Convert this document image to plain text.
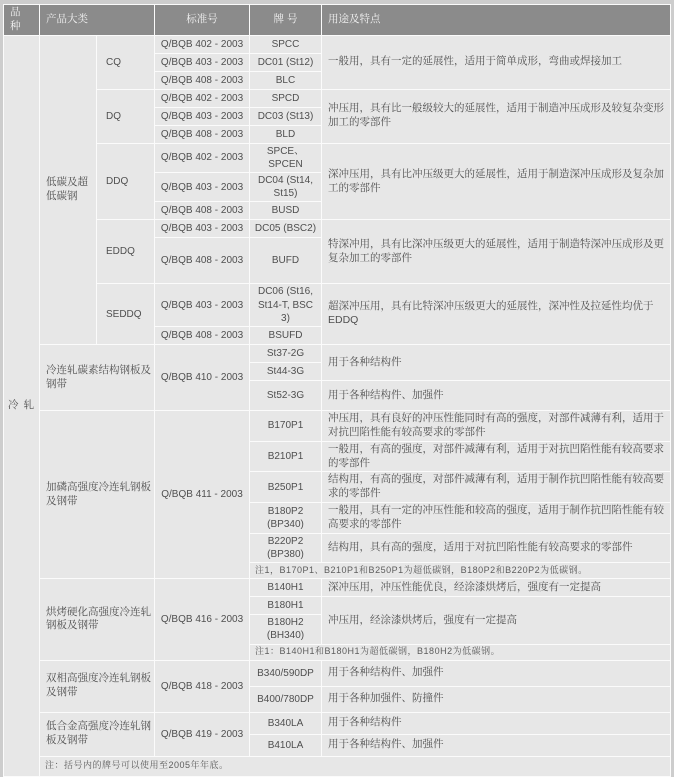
品 种	产品大类		标准号	牌 号	用途及特点
冷 轧	低碳及超低碳钢	CQ	Q/BQB 402 - 2003	SPCC	一般用，具有一定的延展性，适用于简单成形，弯曲或焊接加工
			Q/BQB 403 - 2003	DC01 (St12)	
			Q/BQB 408 - 2003	BLC	
		DQ	Q/BQB 402 - 2003	SPCD	冲压用，具有比一般级较大的延展性，适用于制造冲压成形及较复杂变形加工的零部件
			Q/BQB 403 - 2003	DC03 (St13)	
			Q/BQB 408 - 2003	BLD	
		DDQ	Q/BQB 402 - 2003	SPCE、SPCEN	深冲压用，具有比冲压级更大的延展性，适用于制造深冲压成形及复杂加工的零部件
			Q/BQB 403 - 2003	DC04 (St14, St15)	
			Q/BQB 408 - 2003	BUSD	
		EDDQ	Q/BQB 403 - 2003	DC05 (BSC2)	特深冲用，具有比深冲压级更大的延展性，适用于制造特深冲压成形及更复杂加工的零部件
			Q/BQB 408 - 2003	BUFD	
		SEDDQ	Q/BQB 403 - 2003	DC06 (St16, St14-T, BSC 3)	超深冲压用，具有比特深冲压级更大的延展性，深冲性及拉延性均优于EDDQ
			Q/BQB 408 - 2003	BSUFD	
	冷连轧碳素结构钢板及钢带		Q/BQB 410 - 2003	St37-2G	用于各种结构件
				St44-3G	
				St52-3G	用于各种结构件、加强件
	加磷高强度冷连轧钢板及钢带		Q/BQB 411 - 2003	B170P1	冲压用，具有良好的冲压性能同时有高的强度，对部件减薄有利，适用于对抗凹陷性能有较高要求的零部件
				B210P1	一般用，有高的强度，对部件减薄有利，适用于对抗凹陷性能有较高要求的零部件
				B250P1	结构用，有高的强度，对部件减薄有利，适用于制作抗凹陷性能有较高要求的零部件
				B180P2 (BP340)	一般用，具有一定的冲压性能和较高的强度，适用于制作抗凹陷性能有较高要求的零部件
				B220P2 (BP380)	结构用，具有高的强度，适用于对抗凹陷性能有较高要求的零部件
				注1，B170P1、B210P1和B250P1为超低碳钢，B180P2和B220P2为低碳钢。	
	烘烤硬化高强度冷连轧钢板及钢带		Q/BQB 416 - 2003	B140H1	深冲压用，冲压性能优良，经涂漆烘烤后，强度有一定提高
				B180H1	冲压用，经涂漆烘烤后，强度有一定提高
				B180H2 (BH340)	
				注1：B140H1和B180H1为超低碳钢，B180H2为低碳钢。	
	双相高强度冷连轧钢板及钢带		Q/BQB 418 - 2003	B340/590DP	用于各种结构件、加强件
				B400/780DP	用于各种加强件、防撞件
	低合金高强度冷连轧钢板及钢带		Q/BQB 419 - 2003	B340LA	用于各种结构件
				B410LA	用于各种结构件、加强件
	注：括号内的牌号可以使用至2005年年底。				
